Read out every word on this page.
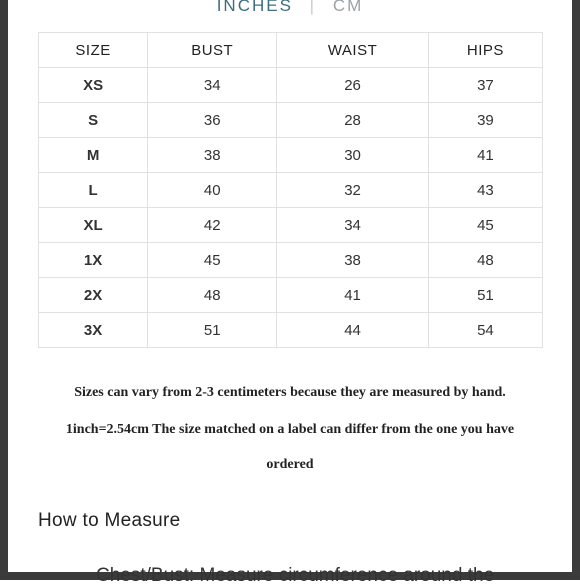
INCHES | CM
SIZE	BUST	WAIST	HIPS
XS	34	26	37
S	36	28	39
M	38	30	41
L	40	32	43
XL	42	34	45
1X	45	38	48
2X	48	41	51
3X	51	44	54
Sizes can vary from 2-3 centimeters because they are measured by hand.
1inch=2.54cm The size matched on a label can differ from the one you have
ordered
How to Measure
Chest/Bust: Measure circumference around the
